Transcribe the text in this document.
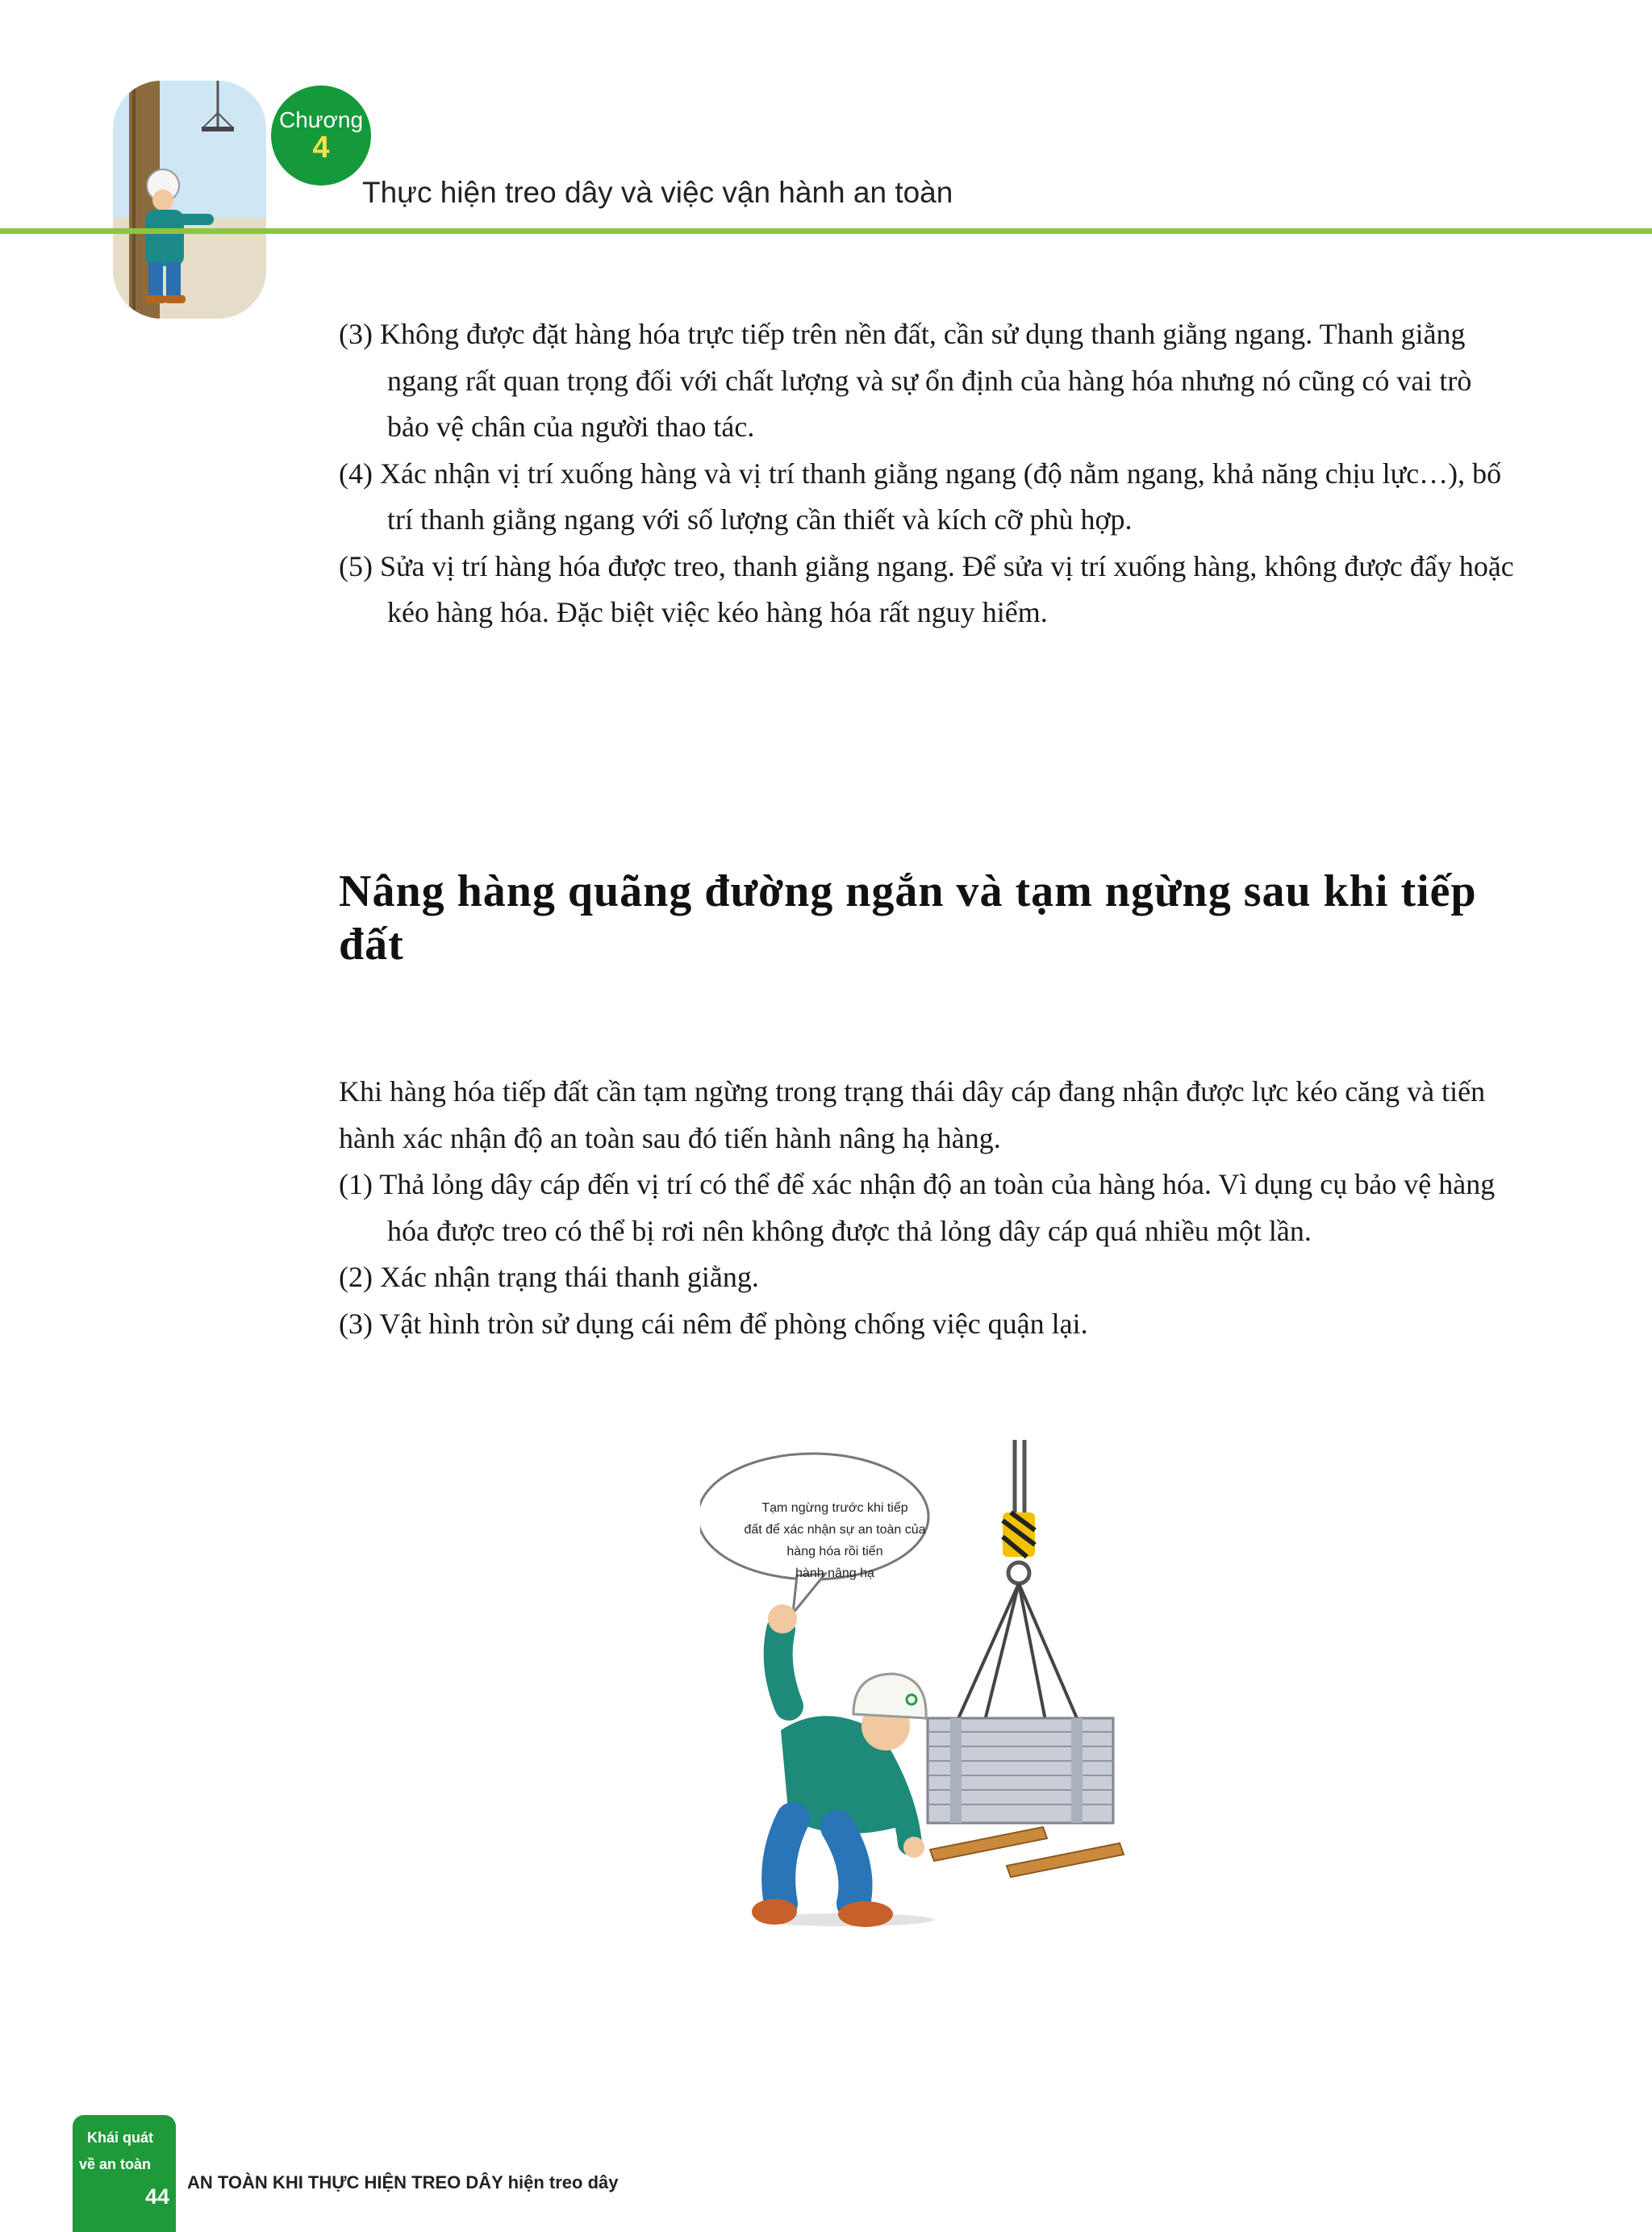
Chương
4
Thực hiện treo dây và việc vận hành an toàn

(3) Không được đặt hàng hóa trực tiếp trên nền đất, cần sử dụng thanh giằng ngang. Thanh giằng ngang rất quan trọng đối với chất lượng và sự ổn định của hàng hóa nhưng nó cũng có vai trò bảo vệ chân của người thao tác.

(4) Xác nhận vị trí xuống hàng và vị trí thanh giằng ngang (độ nằm ngang, khả năng chịu lực…), bố trí thanh giằng ngang với số lượng cần thiết và kích cỡ phù hợp.

(5) Sửa vị trí hàng hóa được treo, thanh giằng ngang. Để sửa vị trí xuống hàng, không được đẩy hoặc kéo hàng hóa. Đặc biệt việc kéo hàng hóa rất nguy hiểm.

Nâng hàng quãng đường ngắn và tạm ngừng sau khi tiếp đất

Khi hàng hóa tiếp đất cần tạm ngừng trong trạng thái dây cáp đang nhận được lực kéo căng và tiến hành xác nhận độ an toàn sau đó tiến hành nâng hạ hàng.

(1) Thả lỏng dây cáp đến vị trí có thể để xác nhận độ an toàn của hàng hóa. Vì dụng cụ bảo vệ hàng hóa được treo có thể bị rơi nên không được thả lỏng dây cáp quá nhiều một lần.

(2) Xác nhận trạng thái thanh giằng.

(3) Vật hình tròn sử dụng cái nêm để phòng chống việc quận lại.

Tạm ngừng trước khi tiếp
đất để xác nhận sự an toàn của
hàng hóa rồi tiến
hành nâng hạ
Khái quát
về an toàn
44
AN TOÀN KHI THỰC HIỆN TREO DÂY hiện treo dây
